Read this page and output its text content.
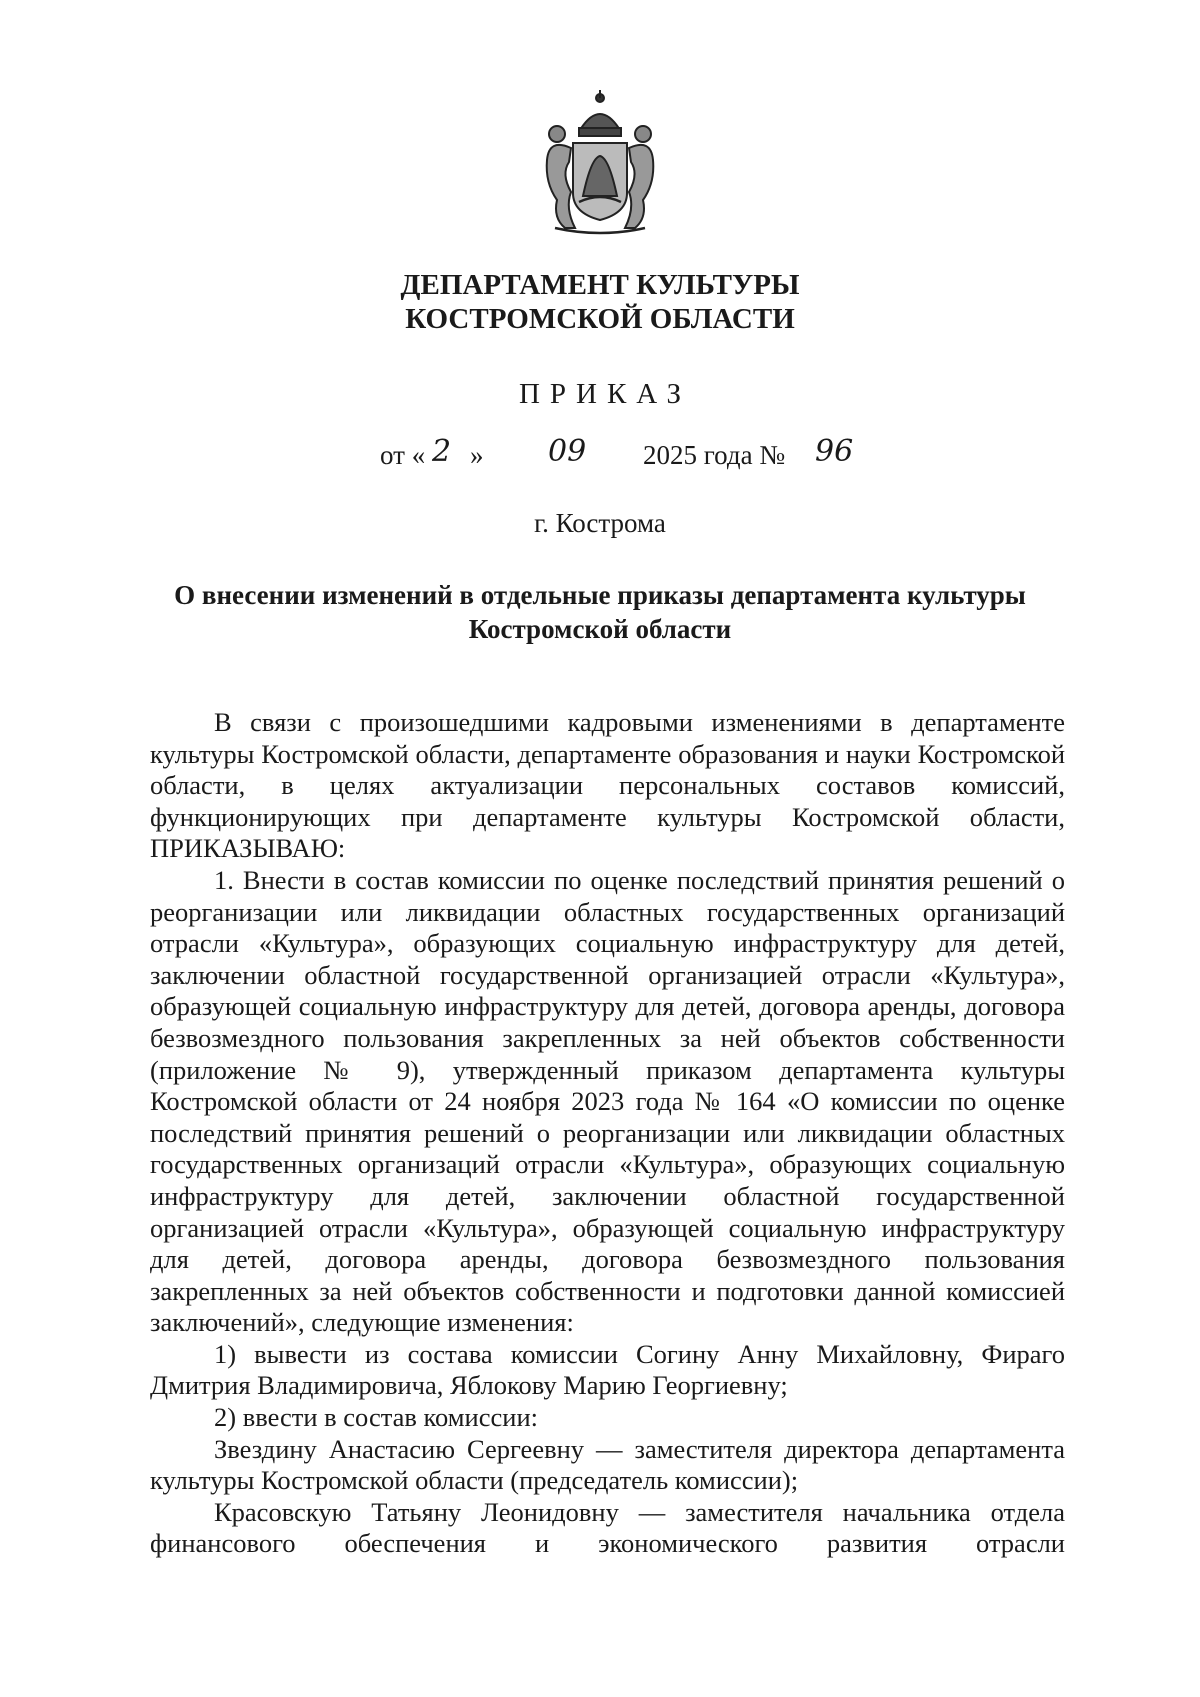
ДЕПАРТАМЕНТ КУЛЬТУРЫ
КОСТРОМСКОЙ ОБЛАСТИ
ПРИКАЗ
от « 2 » 09 2025 года № 96
г. Кострома
О внесении изменений в отдельные приказы департамента культуры
Костромской области

В связи с произошедшими кадровыми изменениями в департаменте культуры Костромской области, департаменте образования и науки Костромской области, в целях актуализации персональных составов комиссий, функционирующих при департаменте культуры Костромской области, ПРИКАЗЫВАЮ:

1. Внести в состав комиссии по оценке последствий принятия решений о реорганизации или ликвидации областных государственных организаций отрасли «Культура», образующих социальную инфраструктуру для детей, заключении областной государственной организацией отрасли «Культура», образующей социальную инфраструктуру для детей, договора аренды, договора безвозмездного пользования закрепленных за ней объектов собственности (приложение № 9), утвержденный приказом департамента культуры Костромской области от 24 ноября 2023 года № 164 «О комиссии по оценке последствий принятия решений о реорганизации или ликвидации областных государственных организаций отрасли «Культура», образующих социальную инфраструктуру для детей, заключении областной государственной организацией отрасли «Культура», образующей социальную инфраструктуру для детей, договора аренды, договора безвозмездного пользования закрепленных за ней объектов собственности и подготовки данной комиссией заключений», следующие изменения:

1) вывести из состава комиссии Согину Анну Михайловну, Фираго Дмитрия Владимировича, Яблокову Марию Георгиевну;

2) ввести в состав комиссии:

Звездину Анастасию Сергеевну — заместителя директора департамента культуры Костромской области (председатель комиссии);

Красовскую Татьяну Леонидовну — заместителя начальника отдела финансового обеспечения и экономического развития отрасли
